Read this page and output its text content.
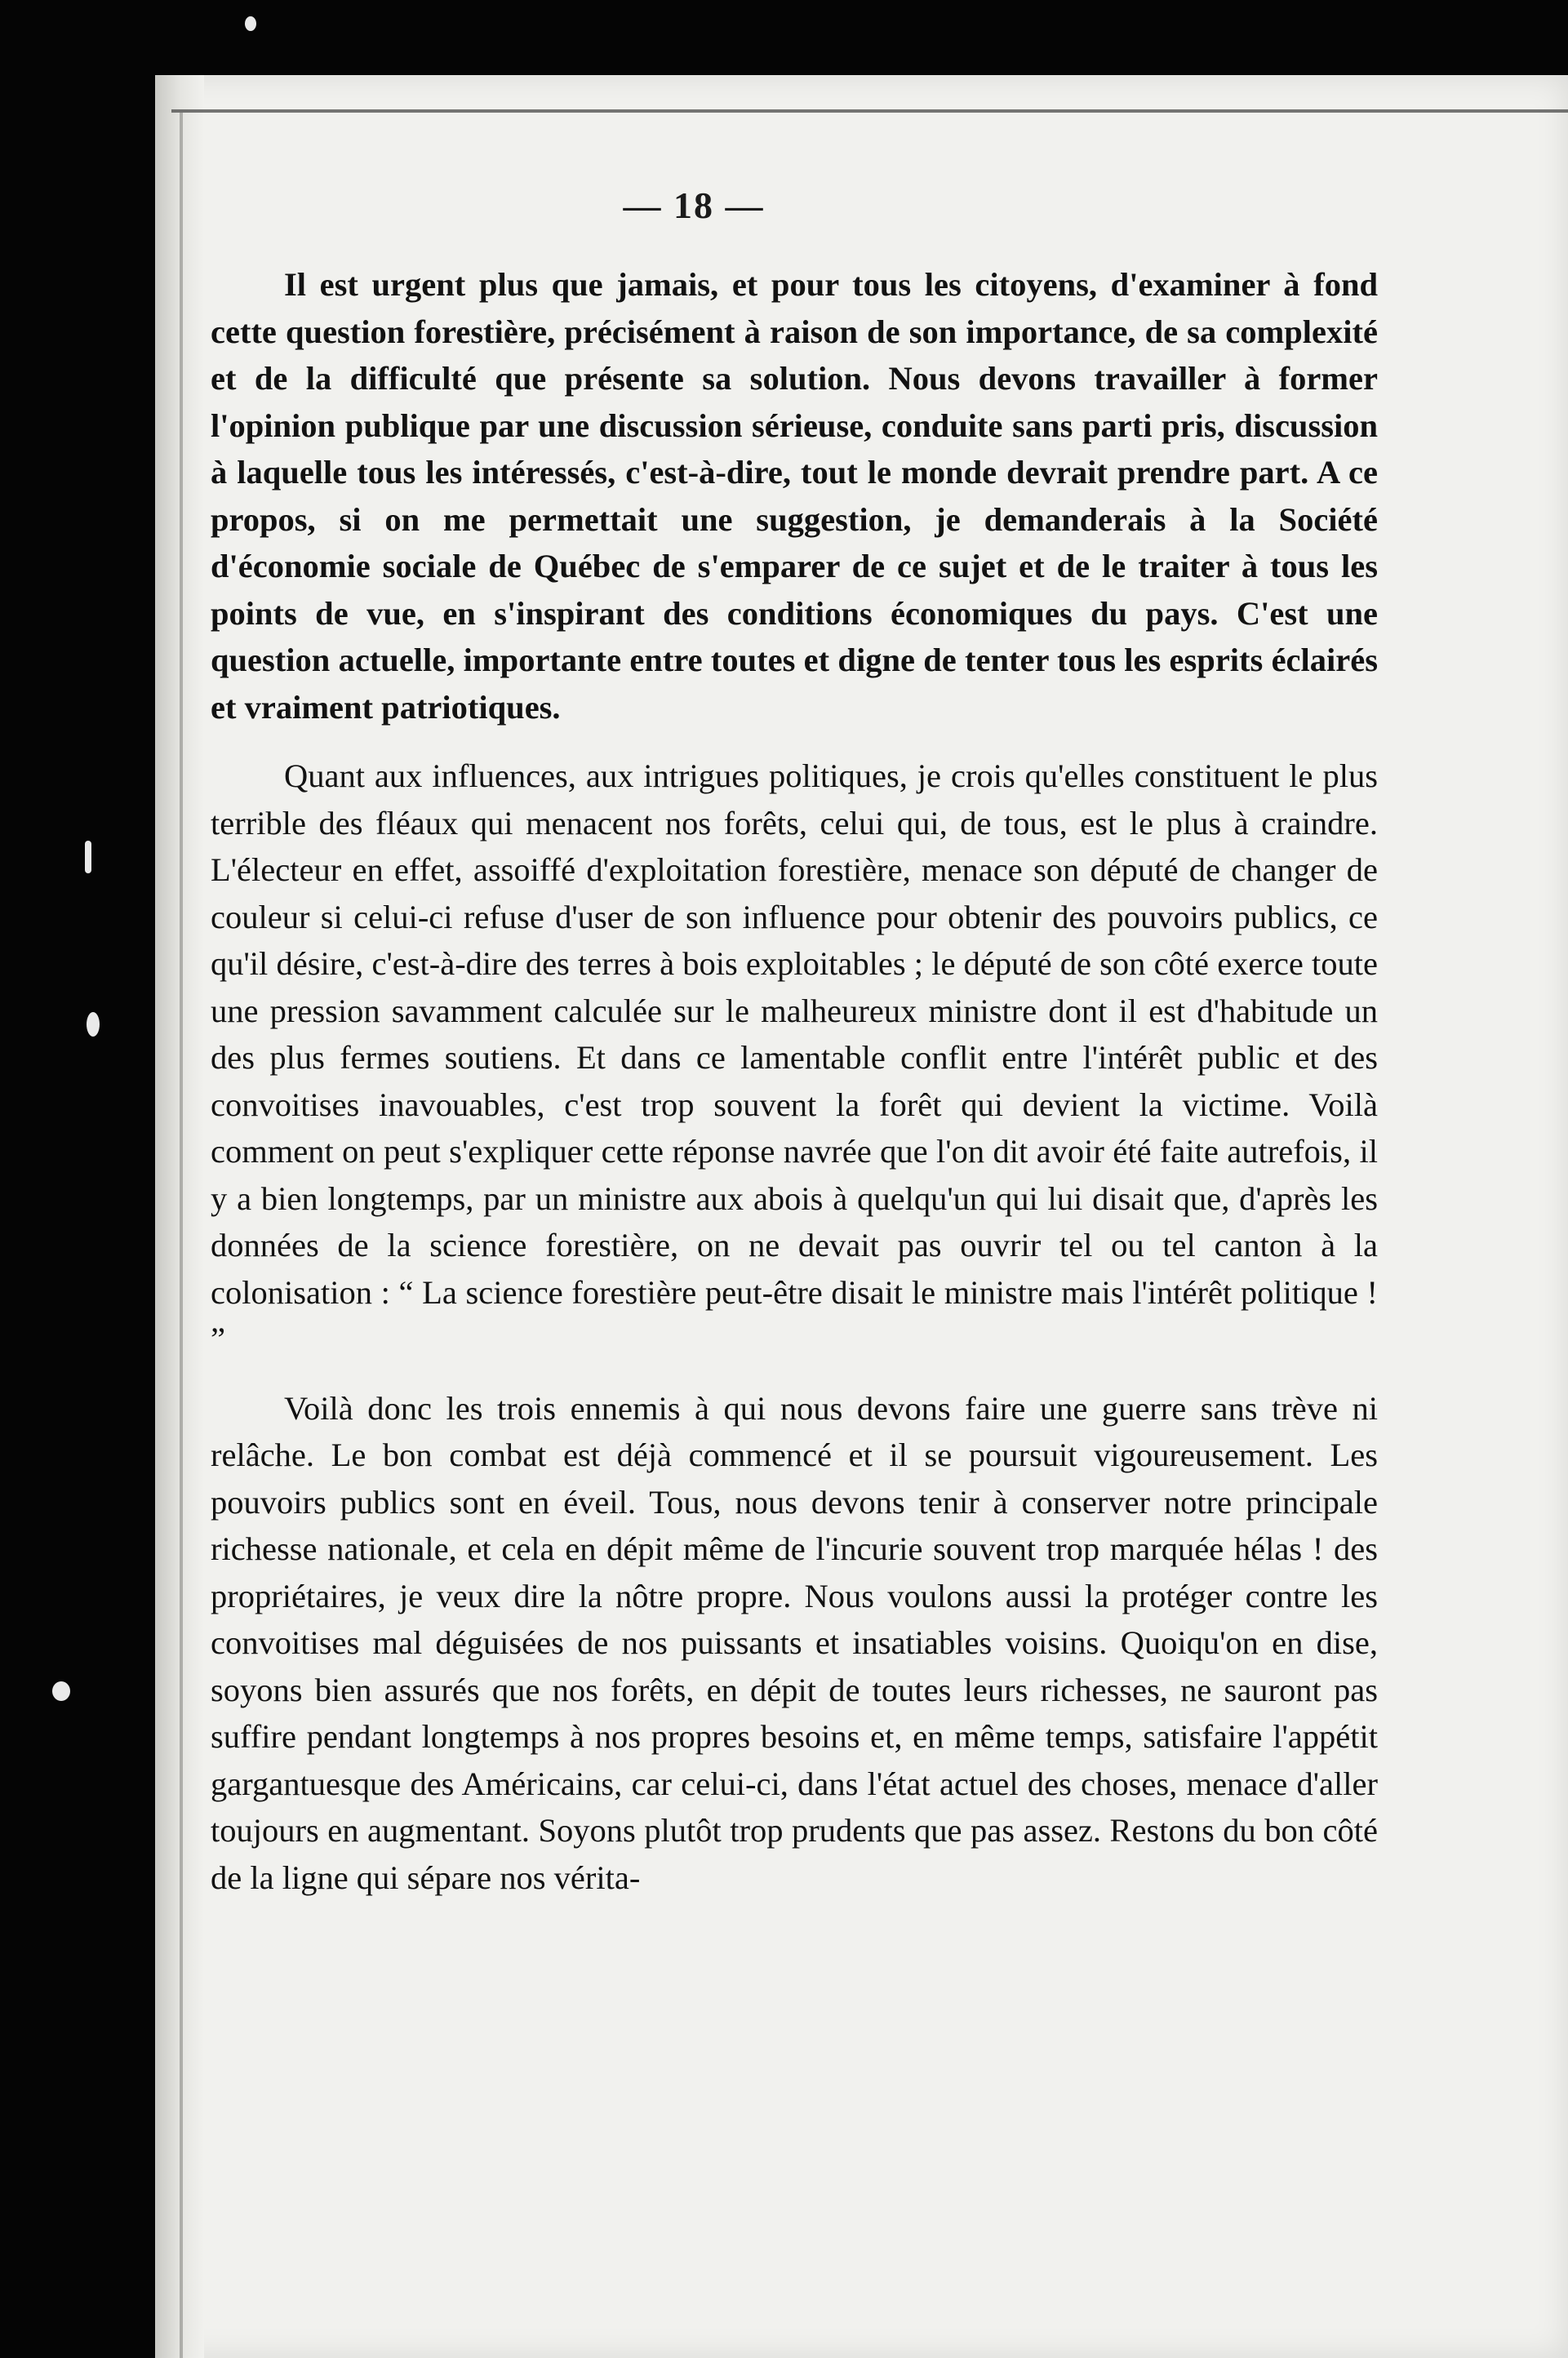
— 18 —

Il est urgent plus que jamais, et pour tous les citoyens, d'examiner à fond cette question forestière, précisément à raison de son importance, de sa complexité et de la difficulté que présente sa solution. Nous devons travailler à former l'opinion publique par une discussion sérieuse, conduite sans parti pris, discussion à laquelle tous les intéressés, c'est-à-dire, tout le monde devrait prendre part. A ce propos, si on me permettait une suggestion, je demanderais à la Société d'économie sociale de Québec de s'emparer de ce sujet et de le traiter à tous les points de vue, en s'inspirant des conditions économiques du pays. C'est une question actuelle, importante entre toutes et digne de tenter tous les esprits éclairés et vraiment patriotiques.

Quant aux influences, aux intrigues politiques, je crois qu'elles constituent le plus terrible des fléaux qui menacent nos forêts, celui qui, de tous, est le plus à craindre. L'électeur en effet, assoiffé d'exploitation forestière, menace son député de changer de couleur si celui-ci refuse d'user de son influence pour obtenir des pouvoirs publics, ce qu'il désire, c'est-à-dire des terres à bois exploitables ; le député de son côté exerce toute une pression savamment calculée sur le malheureux ministre dont il est d'habitude un des plus fermes soutiens. Et dans ce lamentable conflit entre l'intérêt public et des convoitises inavouables, c'est trop souvent la forêt qui devient la victime. Voilà comment on peut s'expliquer cette réponse navrée que l'on dit avoir été faite autrefois, il y a bien longtemps, par un ministre aux abois à quelqu'un qui lui disait que, d'après les données de la science forestière, on ne devait pas ouvrir tel ou tel canton à la colonisation : “ La science forestière peut-être disait le ministre mais l'intérêt politique ! ”

Voilà donc les trois ennemis à qui nous devons faire une guerre sans trève ni relâche. Le bon combat est déjà commencé et il se poursuit vigoureusement. Les pouvoirs publics sont en éveil. Tous, nous devons tenir à conserver notre principale richesse nationale, et cela en dépit même de l'incurie souvent trop marquée hélas ! des propriétaires, je veux dire la nôtre propre. Nous voulons aussi la protéger contre les convoitises mal déguisées de nos puissants et insatiables voisins. Quoiqu'on en dise, soyons bien assurés que nos forêts, en dépit de toutes leurs richesses, ne sauront pas suffire pendant longtemps à nos propres besoins et, en même temps, satisfaire l'appétit gargantuesque des Américains, car celui-ci, dans l'état actuel des choses, menace d'aller toujours en augmentant. Soyons plutôt trop prudents que pas assez. Restons du bon côté de la ligne qui sépare nos vérita-
